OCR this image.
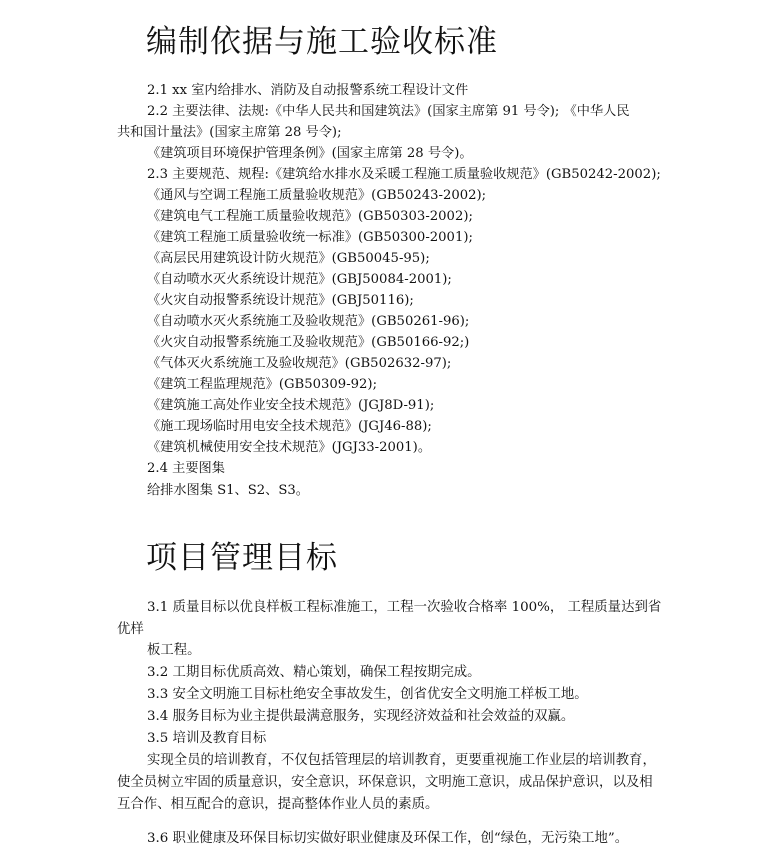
编制依据与施工验收标准
2.1 xx 室内给排水、消防及自动报警系统工程设计文件
2.2 主要法律、法规:《中华人民共和国建筑法》(国家主席第 91 号令); 《中华人民
共和国计量法》(国家主席第 28 号令);
《建筑项目环境保护管理条例》(国家主席第 28 号令)。
2.3 主要规范、规程:《建筑给水排水及采暖工程施工质量验收规范》(GB50242-2002);
《通风与空调工程施工质量验收规范》(GB50243-2002);
《建筑电气工程施工质量验收规范》(GB50303-2002);
《建筑工程施工质量验收统一标准》(GB50300-2001);
《高层民用建筑设计防火规范》(GB50045-95);
《自动喷水灭火系统设计规范》(GBJ50084-2001);
《火灾自动报警系统设计规范》(GBJ50116);
《自动喷水灭火系统施工及验收规范》(GB50261-96);
《火灾自动报警系统施工及验收规范》(GB50166-92;)
《气体灭火系统施工及验收规范》(GB502632-97);
《建筑工程监理规范》(GB50309-92);
《建筑施工高处作业安全技术规范》(JGJ8D-91);
《施工现场临时用电安全技术规范》(JGJ46-88);
《建筑机械使用安全技术规范》(JGJ33-2001)。
2.4 主要图集
给排水图集 S1、S2、S3。
项目管理目标
3.1 质量目标以优良样板工程标准施工，工程一次验收合格率 100%， 工程质量达到省
优样
板工程。
3.2 工期目标优质高效、精心策划，确保工程按期完成。
3.3 安全文明施工目标杜绝安全事故发生，创省优安全文明施工样板工地。
3.4 服务目标为业主提供最满意服务，实现经济效益和社会效益的双赢。
3.5 培训及教育目标
实现全员的培训教育，不仅包括管理层的培训教育，更要重视施工作业层的培训教育，
使全员树立牢固的质量意识，安全意识，环保意识，文明施工意识，成品保护意识，以及相
互合作、相互配合的意识，提高整体作业人员的素质。
3.6 职业健康及环保目标切实做好职业健康及环保工作，创“绿色，无污染工地”。
